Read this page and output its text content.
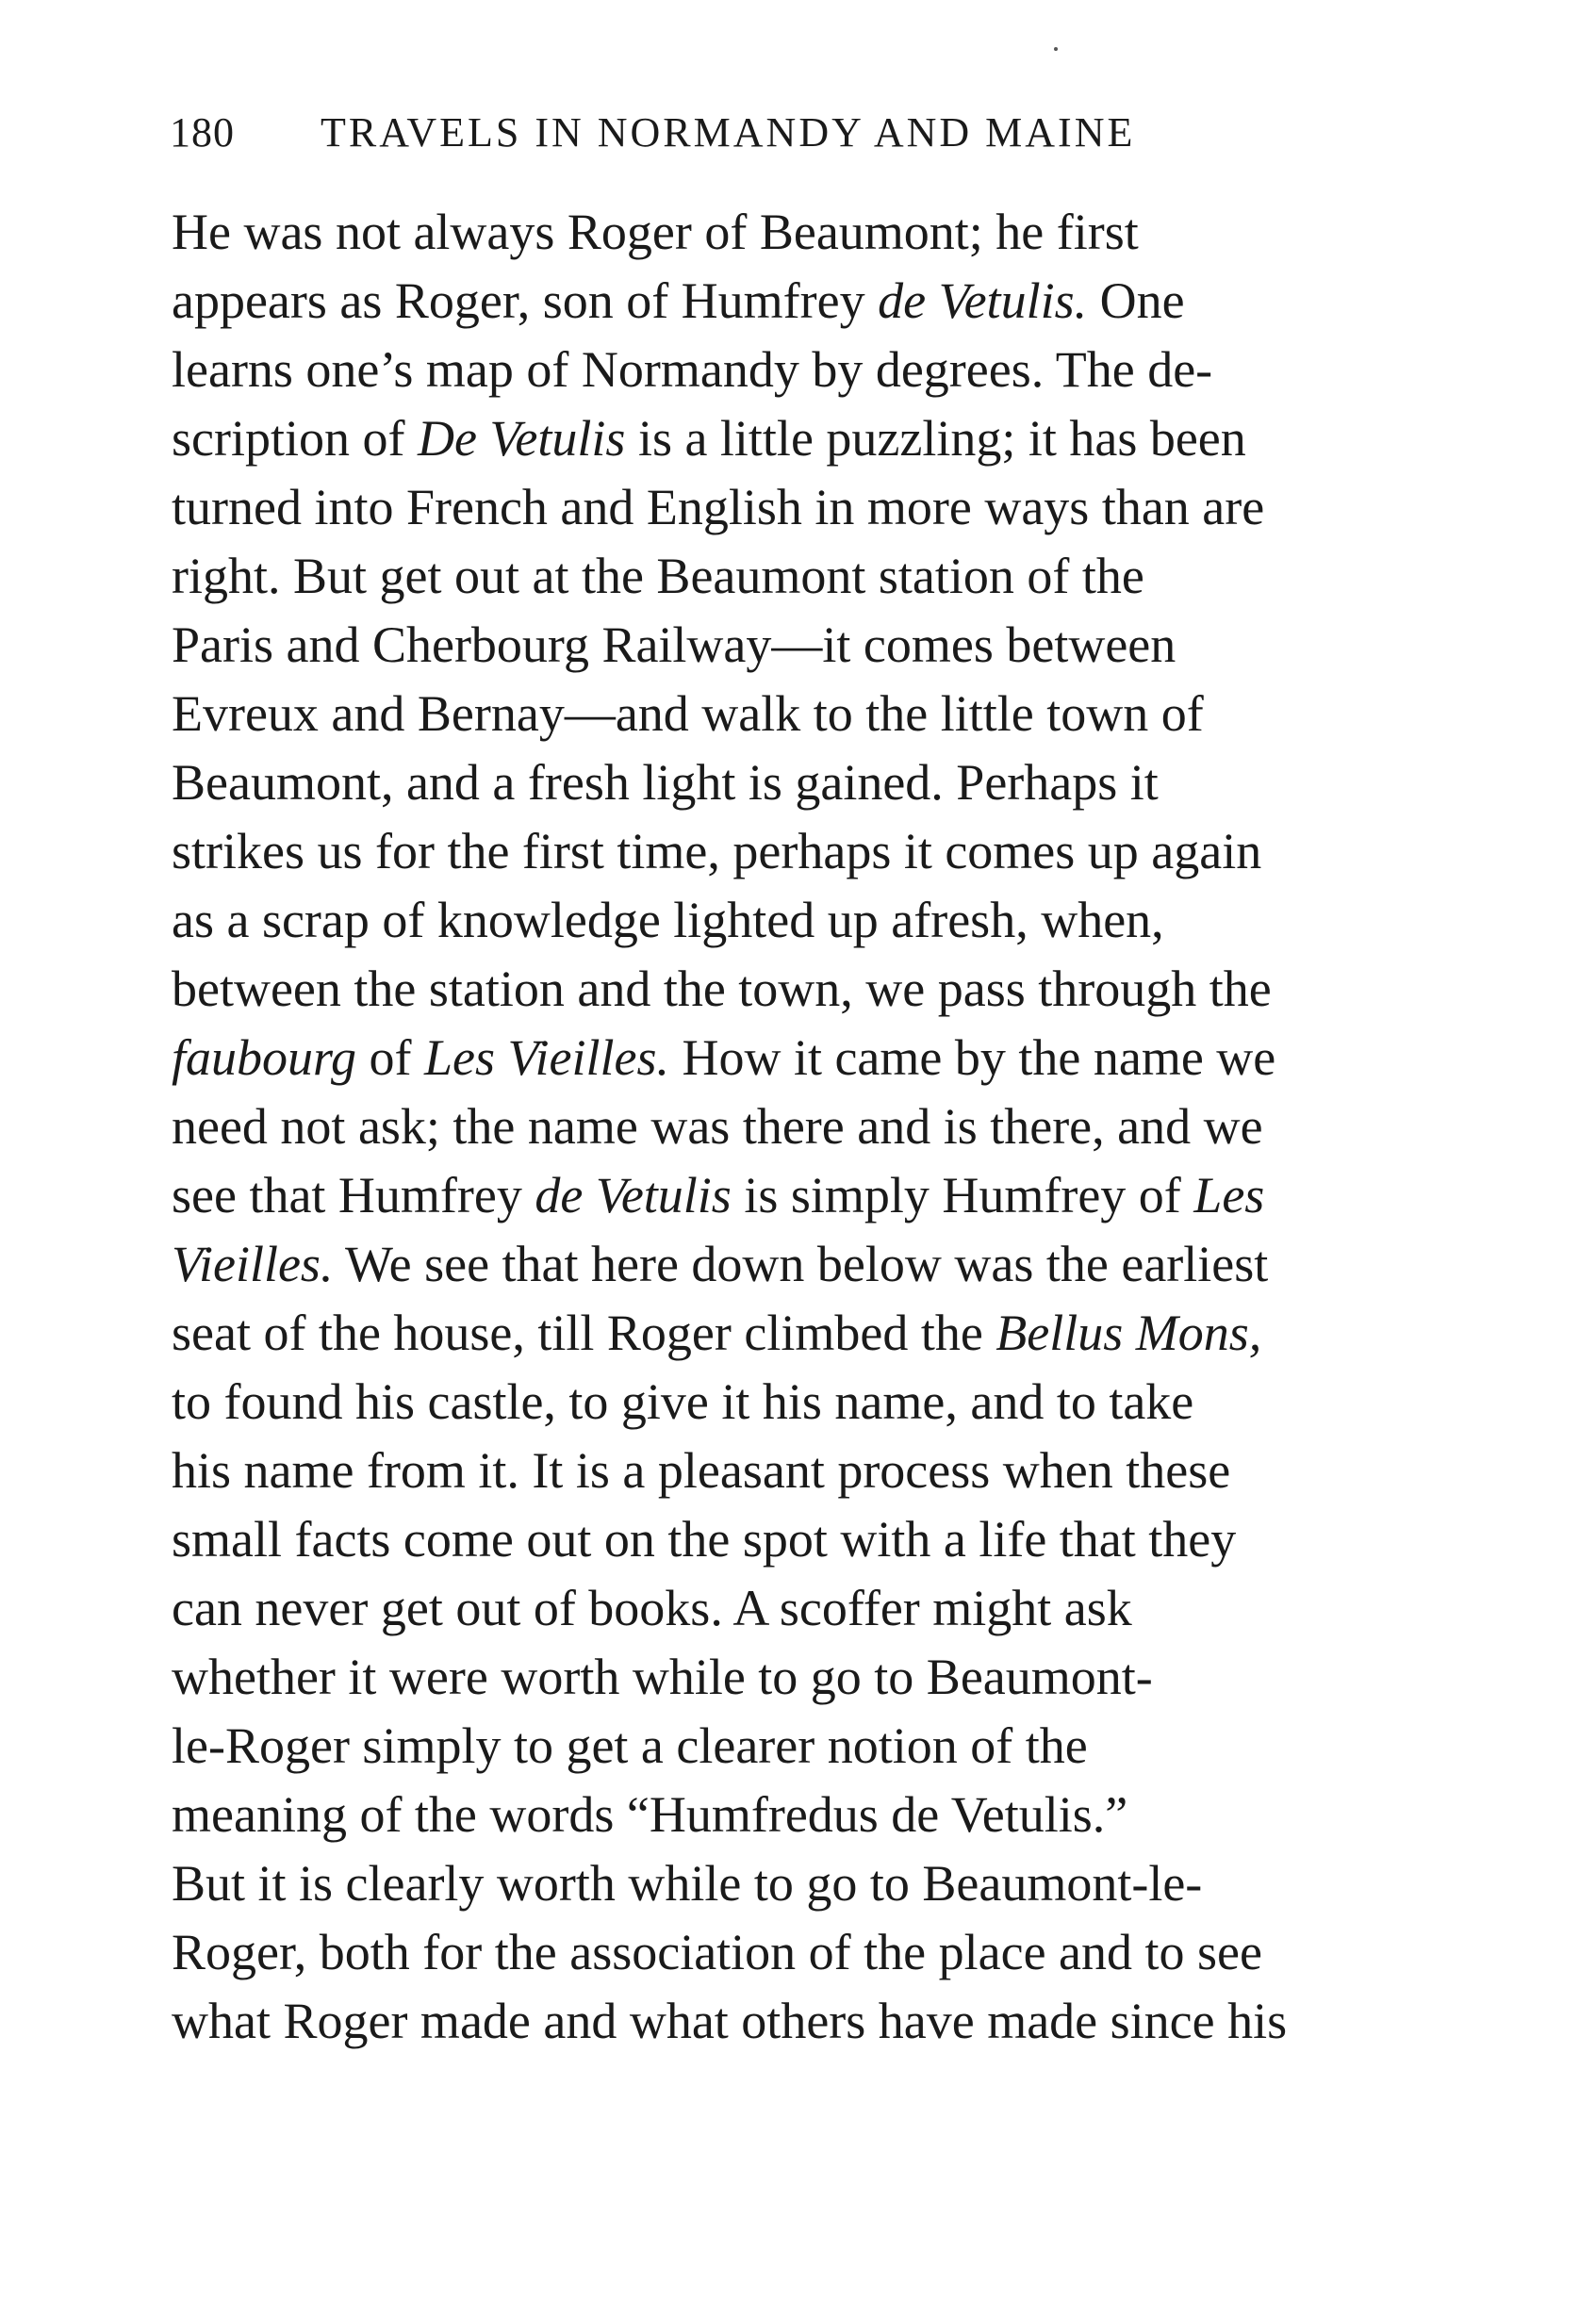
180 TRAVELS IN NORMANDY AND MAINE
He was not always Roger of Beaumont; he first
appears as Roger, son of Humfrey de Vetulis. One
learns one’s map of Normandy by degrees. The de-
scription of De Vetulis is a little puzzling; it has been
turned into French and English in more ways than are
right. But get out at the Beaumont station of the
Paris and Cherbourg Railway—it comes between
Evreux and Bernay—and walk to the little town of
Beaumont, and a fresh light is gained. Perhaps it
strikes us for the first time, perhaps it comes up again
as a scrap of knowledge lighted up afresh, when,
between the station and the town, we pass through the
faubourg of Les Vieilles. How it came by the name we
need not ask; the name was there and is there, and we
see that Humfrey de Vetulis is simply Humfrey of Les
Vieilles. We see that here down below was the earliest
seat of the house, till Roger climbed the Bellus Mons,
to found his castle, to give it his name, and to take
his name from it. It is a pleasant process when these
small facts come out on the spot with a life that they
can never get out of books. A scoffer might ask
whether it were worth while to go to Beaumont-
le-Roger simply to get a clearer notion of the
meaning of the words “Humfredus de Vetulis.”
But it is clearly worth while to go to Beaumont-le-
Roger, both for the association of the place and to see
what Roger made and what others have made since his
